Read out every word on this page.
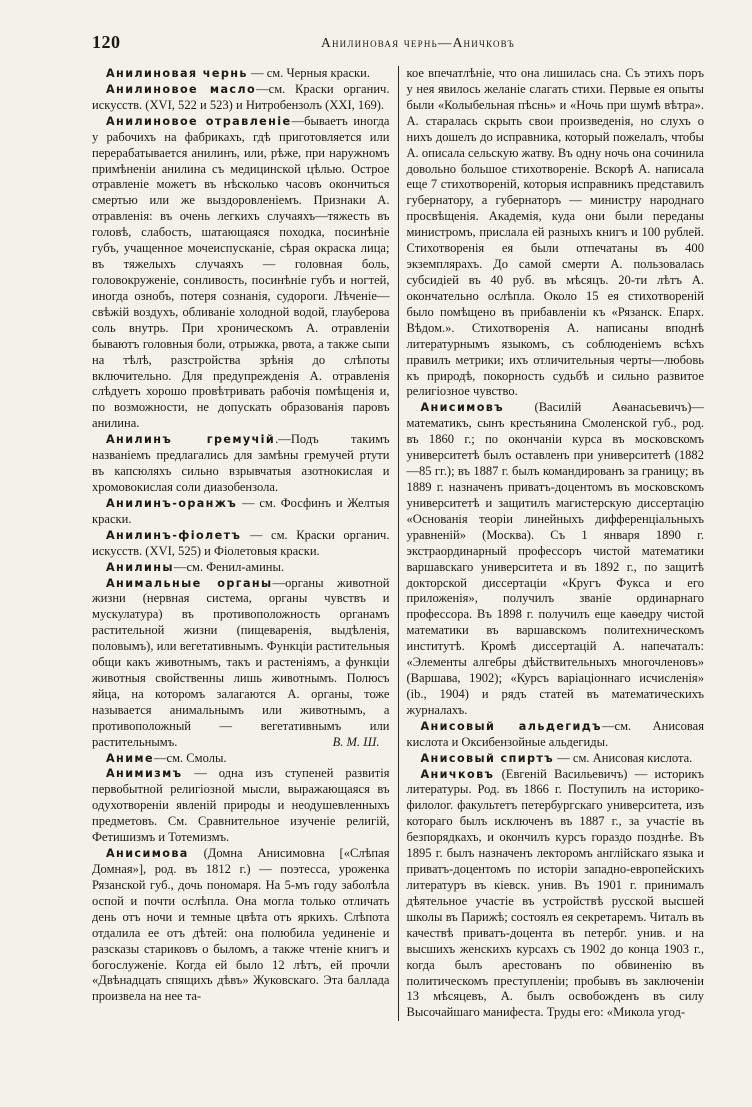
120	Анилиновая чернь—Аничковъ

Анилиновая чернь — см. Черныя краски.

Анилиновое масло—см. Краски органич. искусств. (XVI, 522 и 523) и Нитробензолъ (XXI, 169).

Анилиновое отравленіе—бываетъ иногда у рабочихъ на фабрикахъ, гдѣ приготовляется или перерабатывается анилинъ, или, рѣже, при наружномъ примѣненіи анилина съ медицинской цѣлью. Острое отравленіе можетъ въ нѣсколько часовъ окончиться смертью или же выздоровленіемъ. Признаки А. отравленія: въ очень легкихъ случаяхъ—тяжесть въ головѣ, слабость, шатающаяся походка, посинѣніе губъ, учащенное мочеиспусканіе, сѣрая окраска лица; въ тяжелыхъ случаяхъ — головная боль, головокруженіе, сонливость, посинѣніе губъ и ногтей, иногда ознобъ, потеря сознанія, судороги. Лѣченіе—свѣжій воздухъ, обливаніе холодной водой, глауберова соль внутрь. При хроническомъ А. отравленіи бываютъ головныя боли, отрыжка, рвота, а также сыпи на тѣлѣ, разстройства зрѣнія до слѣпоты включительно. Для предупрежденія А. отравленія слѣдуетъ хорошо провѣтривать рабочія помѣщенія и, по возможности, не допускать образованія паровъ анилина.

Анилинъ гремучій.—Подъ такимъ названіемъ предлагались для замѣны гремучей ртути въ капсюляхъ сильно взрывчатыя азотнокислая и хромовокислая соли диазобензола.

Анилинъ-оранжъ — см. Фосфинъ и Желтыя краски.

Анилинъ-фіолетъ — см. Краски органич. искусств. (XVI, 525) и Фіолетовыя краски.

Анилины—см. Фенил-амины.

Анимальные органы—органы животной жизни (нервная система, органы чувствъ и мускулатура) въ противоположность органамъ растительной жизни (пищеваренія, выдѣленія, половымъ), или вегетативнымъ. Функціи растительныя общи какъ животнымъ, такъ и растеніямъ, а функціи животныя свойственны лишь животнымъ. Полюсъ яйца, на которомъ залагаются А. органы, тоже называется анимальнымъ или животнымъ, а противоположный — вегетативнымъ или растительнымъ.	В. М. Ш.

Аниме—см. Смолы.

Анимизмъ — одна изъ ступеней развитія первобытной религіозной мысли, выражающаяся въ одухотвореніи явленій природы и неодушевленныхъ предметовъ. См. Сравнительное изученіе религій, Фетишизмъ и Тотемизмъ.

Анисимова (Домна Анисимовна [«Слѣпая Домная»], род. въ 1812 г.) — поэтесса, уроженка Рязанской губ., дочь пономаря. На 5-мъ году заболѣла оспой и почти ослѣпла. Она могла только отличать день отъ ночи и темные цвѣта отъ яркихъ. Слѣпота отдалила ее отъ дѣтей: она полюбила уединеніе и разсказы стариковъ о быломъ, а также чтеніе книгъ и богослуженіе. Когда ей было 12 лѣтъ, ей прочли «Двѣнадцать спящихъ дѣвъ» Жуковскаго. Эта баллада произвела на нее та-

кое впечатлѣніе, что она лишилась сна. Съ этихъ поръ у нея явилось желаніе слагать стихи. Первые ея опыты были «Колыбельная пѣснь» и «Ночь при шумѣ вѣтра». А. старалась скрыть свои произведенія, но слухъ о нихъ дошелъ до исправника, который пожелалъ, чтобы А. описала сельскую жатву. Въ одну ночь она сочинила довольно большое стихотвореніе. Вскорѣ А. написала еще 7 стихотвореній, которыя исправникъ представилъ губернатору, а губернаторъ — министру народнаго просвѣщенія. Академія, куда они были переданы министромъ, прислала ей разныхъ книгъ и 100 рублей. Стихотворенія ея были отпечатаны въ 400 экземплярахъ. До самой смерти А. пользовалась субсидіей въ 40 руб. въ мѣсяцъ. 20-ти лѣтъ А. окончательно ослѣпла. Около 15 ея стихотвореній было помѣщено въ прибавленіи къ «Рязанск. Епарх. Вѣдом.». Стихотворенія А. написаны вподнѣ литературнымъ языкомъ, съ соблюденіемъ всѣхъ правилъ метрики; ихъ отличительныя черты—любовь къ природѣ, покорность судьбѣ и сильно развитое религіозное чувство.

Анисимовъ (Василій Аѳанасьевичъ)—математикъ, сынъ крестьянина Смоленской губ., род. въ 1860 г.; по окончаніи курса въ московскомъ университетѣ былъ оставленъ при университетѣ (1882—85 гг.); въ 1887 г. былъ командированъ за границу; въ 1889 г. назначенъ приватъ-доцентомъ въ московскомъ университетѣ и защитилъ магистерскую диссертацію «Основанія теоріи линейныхъ дифференціальныхъ уравненій» (Москва). Съ 1 января 1890 г. экстраординарный профессоръ чистой математики варшавскаго университета и въ 1892 г., по защитѣ докторской диссертаціи «Кругъ Фукса и его приложенія», получилъ званіе ординарнаго профессора. Въ 1898 г. получилъ еще каѳедру чистой математики въ варшавскомъ политехническомъ институтѣ. Кромѣ диссертацій А. напечаталъ: «Элементы алгебры дѣйствительныхъ многочленовъ» (Варшава, 1902); «Курсъ варіаціоннаго исчисленія» (ib., 1904) и рядъ статей въ математическихъ журналахъ.

Анисовый альдегидъ—см. Анисовая кислота и Оксибензойные альдегиды.

Анисовый спиртъ — см. Анисовая кислота.

Аничковъ (Евгеній Васильевичъ) — историкъ литературы. Род. въ 1866 г. Поступилъ на историко-филолог. факультетъ петербургскаго университета, изъ котораго былъ исключенъ въ 1887 г., за участіе въ безпорядкахъ, и окончилъ курсъ гораздо позднѣе. Въ 1895 г. былъ назначенъ лекторомъ англійскаго языка и приватъ-доцентомъ по исторіи западно-европейскихъ литературъ въ кіевск. унив. Въ 1901 г. принималъ дѣятельное участіе въ устройствѣ русской высшей школы въ Парижѣ; состоялъ ея секретаремъ. Читалъ въ качествѣ приватъ-доцента въ петербг. унив. и на высшихъ женскихъ курсахъ съ 1902 до конца 1903 г., когда былъ арестованъ по обвиненію въ политическомъ преступленіи; пробывъ въ заключеніи 13 мѣсяцевъ, А. былъ освобожденъ въ силу Высочайшаго манифеста. Труды его: «Микола угод-
